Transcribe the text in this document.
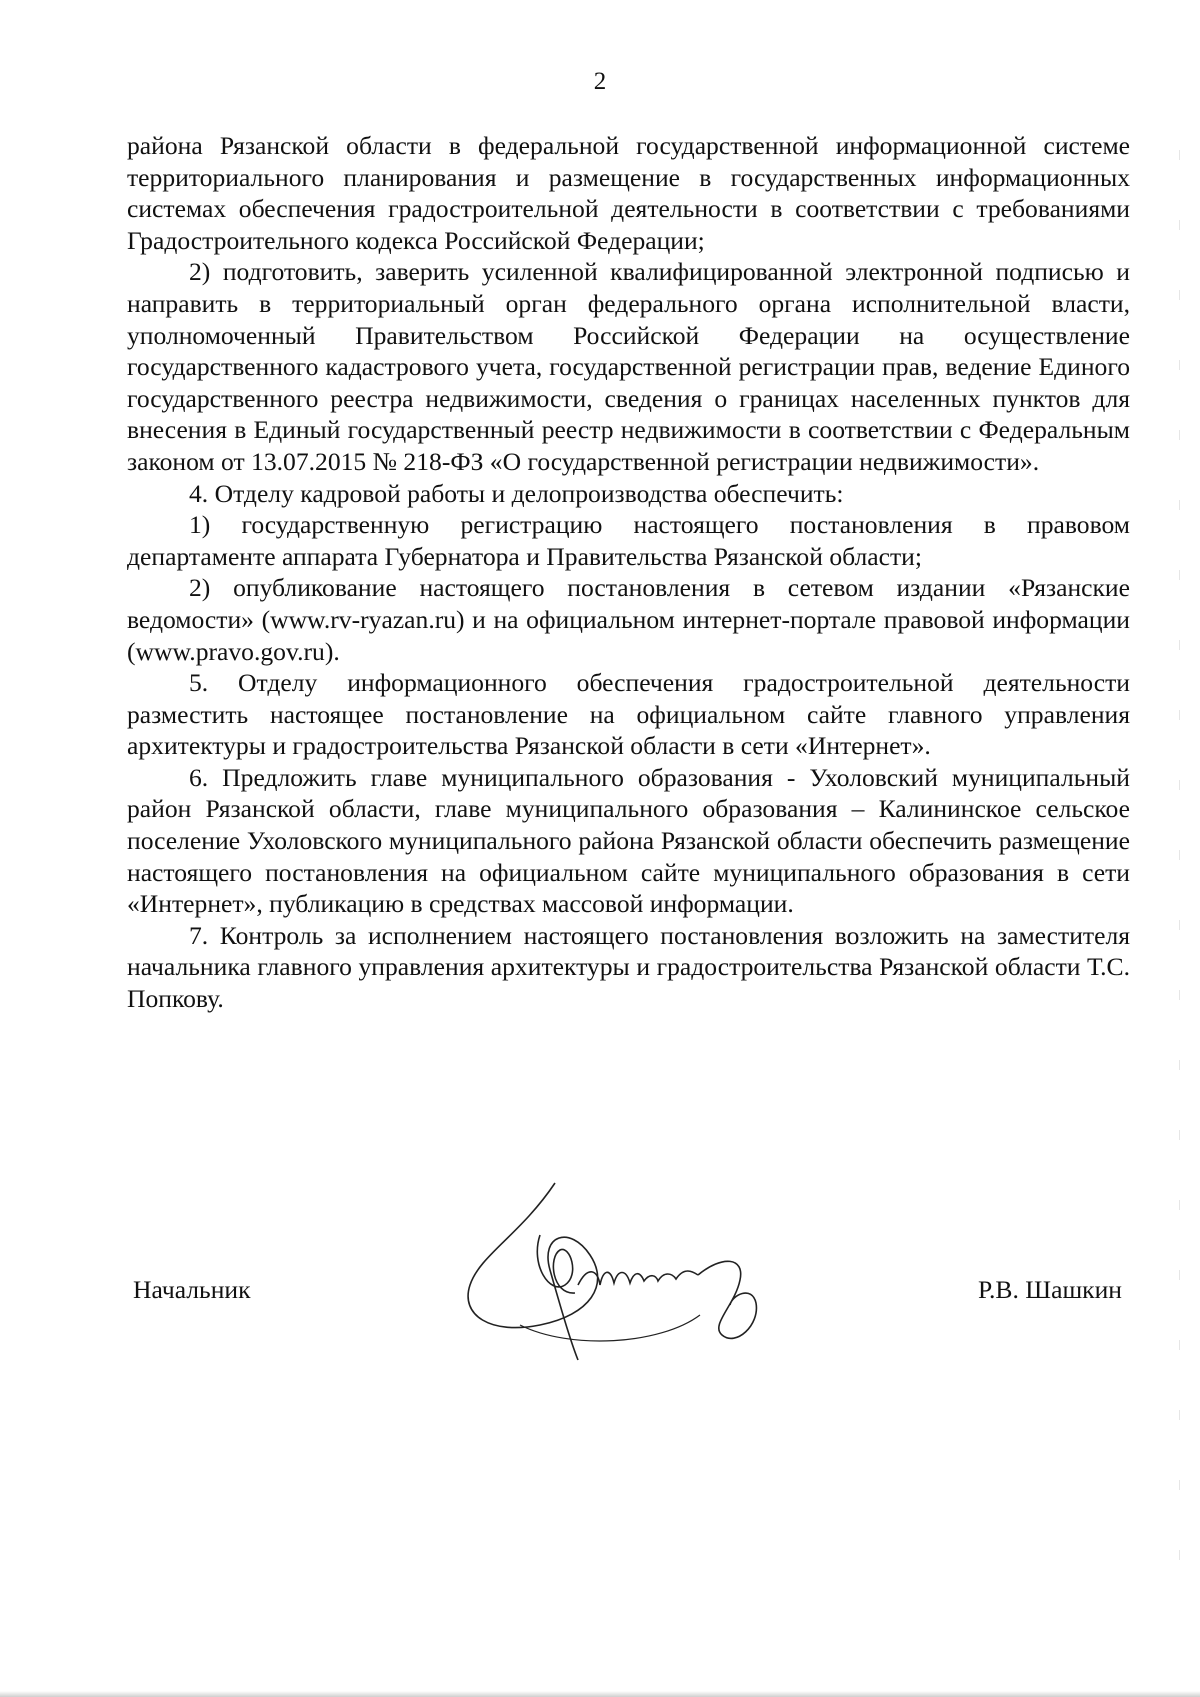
2

района Рязанской области в федеральной государственной информационной системе территориального планирования и размещение в государственных информационных системах обеспечения градостроительной деятельности в соответствии с требованиями Градостроительного кодекса Российской Федерации;

2) подготовить, заверить усиленной квалифицированной электронной подписью и направить в территориальный орган федерального органа исполнительной власти, уполномоченный Правительством Российской Федерации на осуществление государственного кадастрового учета, государственной регистрации прав, ведение Единого государственного реестра недвижимости, сведения о границах населенных пунктов для внесения в Единый государственный реестр недвижимости в соответствии с Федеральным законом от 13.07.2015 № 218-ФЗ «О государственной регистрации недвижимости».

4. Отделу кадровой работы и делопроизводства обеспечить:

1) государственную регистрацию настоящего постановления в правовом департаменте аппарата Губернатора и Правительства Рязанской области;

2) опубликование настоящего постановления в сетевом издании «Рязанские ведомости» (www.rv-ryazan.ru) и на официальном интернет-портале правовой информации (www.pravo.gov.ru).

5. Отделу информационного обеспечения градостроительной деятельности разместить настоящее постановление на официальном сайте главного управления архитектуры и градостроительства Рязанской области в сети «Интернет».

6. Предложить главе муниципального образования - Ухоловский муниципальный район Рязанской области, главе муниципального образования – Калининское сельское поселение Ухоловского муниципального района Рязанской области обеспечить размещение настоящего постановления на официальном сайте муниципального образования в сети «Интернет», публикацию в средствах массовой информации.

7. Контроль за исполнением настоящего постановления возложить на заместителя начальника главного управления архитектуры и градостроительства Рязанской области Т.С. Попкову.

Начальник	Р.В. Шашкин
